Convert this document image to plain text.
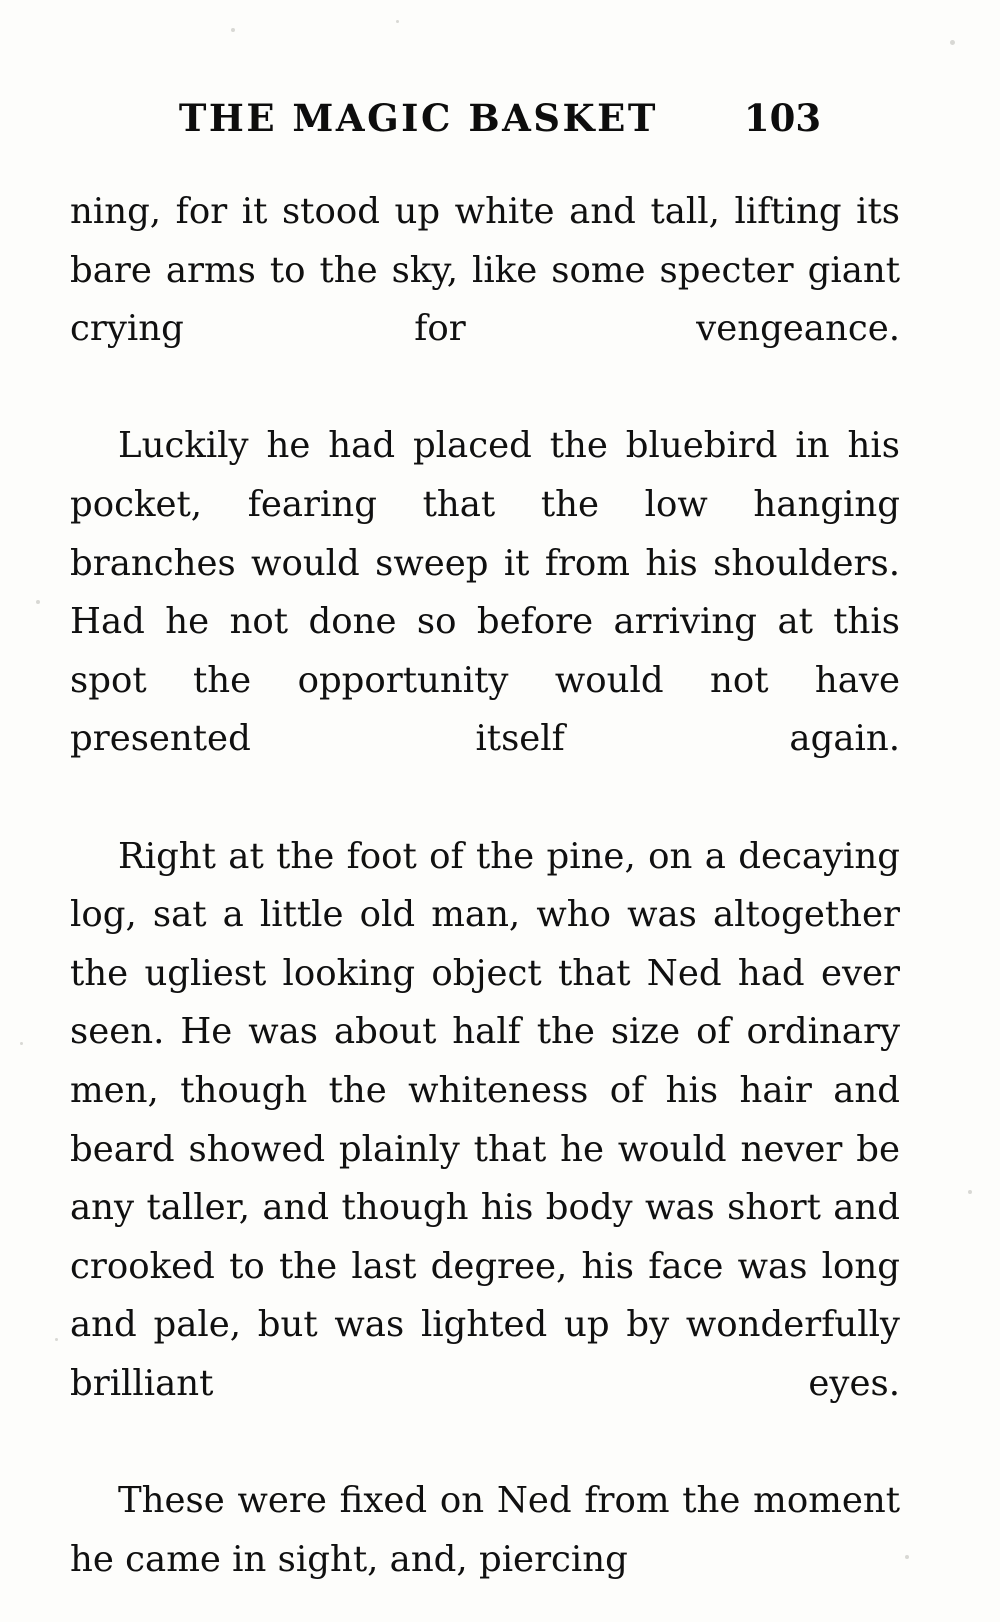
THE MAGIC BASKET 103

ning, for it stood up white and tall, lifting its bare arms to the sky, like some specter giant crying for vengeance.

Luckily he had placed the bluebird in his pocket, fearing that the low hanging branches would sweep it from his shoulders. Had he not done so before arriving at this spot the opportunity would not have presented itself again.

Right at the foot of the pine, on a decaying log, sat a little old man, who was altogether the ugliest looking object that Ned had ever seen. He was about half the size of ordinary men, though the whiteness of his hair and beard showed plainly that he would never be any taller, and though his body was short and crooked to the last degree, his face was long and pale, but was lighted up by wonderfully brilliant eyes.

These were fixed on Ned from the moment he came in sight, and, piercing
